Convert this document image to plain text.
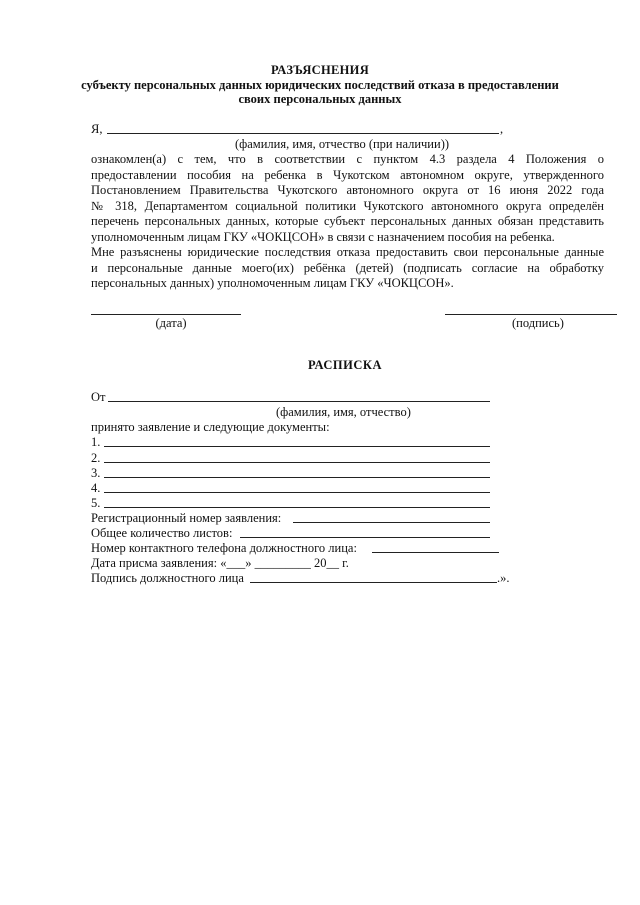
РАЗЪЯСНЕНИЯ
субъекту персональных данных юридических последствий отказа в предоставлении
своих персональных данных
Я,	,
(фамилия, имя, отчество (при наличии))
ознакомлен(а) с тем, что в соответствии с пунктом 4.3 раздела 4 Положения о
предоставлении пособия на ребенка в Чукотском автономном округе, утвержденного
Постановлением Правительства Чукотского автономного округа от 16 июня 2022 года
№ 318, Департаментом социальной политики Чукотского автономного округа определён
перечень персональных данных, которые субъект персональных данных обязан представить
уполномоченным лицам ГКУ «ЧОКЦСОН» в связи с назначением пособия на ребенка.
Мне разъяснены юридические последствия отказа предоставить свои персональные данные
и персональные данные моего(их) ребёнка (детей) (подписать согласие на обработку
персональных данных) уполномоченным лицам ГКУ «ЧОКЦСОН».
(дата)	(подпись)
РАСПИСКА
От
(фамилия, имя, отчество)
принято заявление и следующие документы:
1.
2.
3.
4.
5.
Регистрационный номер заявления:
Общее количество листов:
Номер контактного телефона должностного лица:
Дата присма заявления: «___» _________ 20__ г.
Подпись должностного лица	.».
